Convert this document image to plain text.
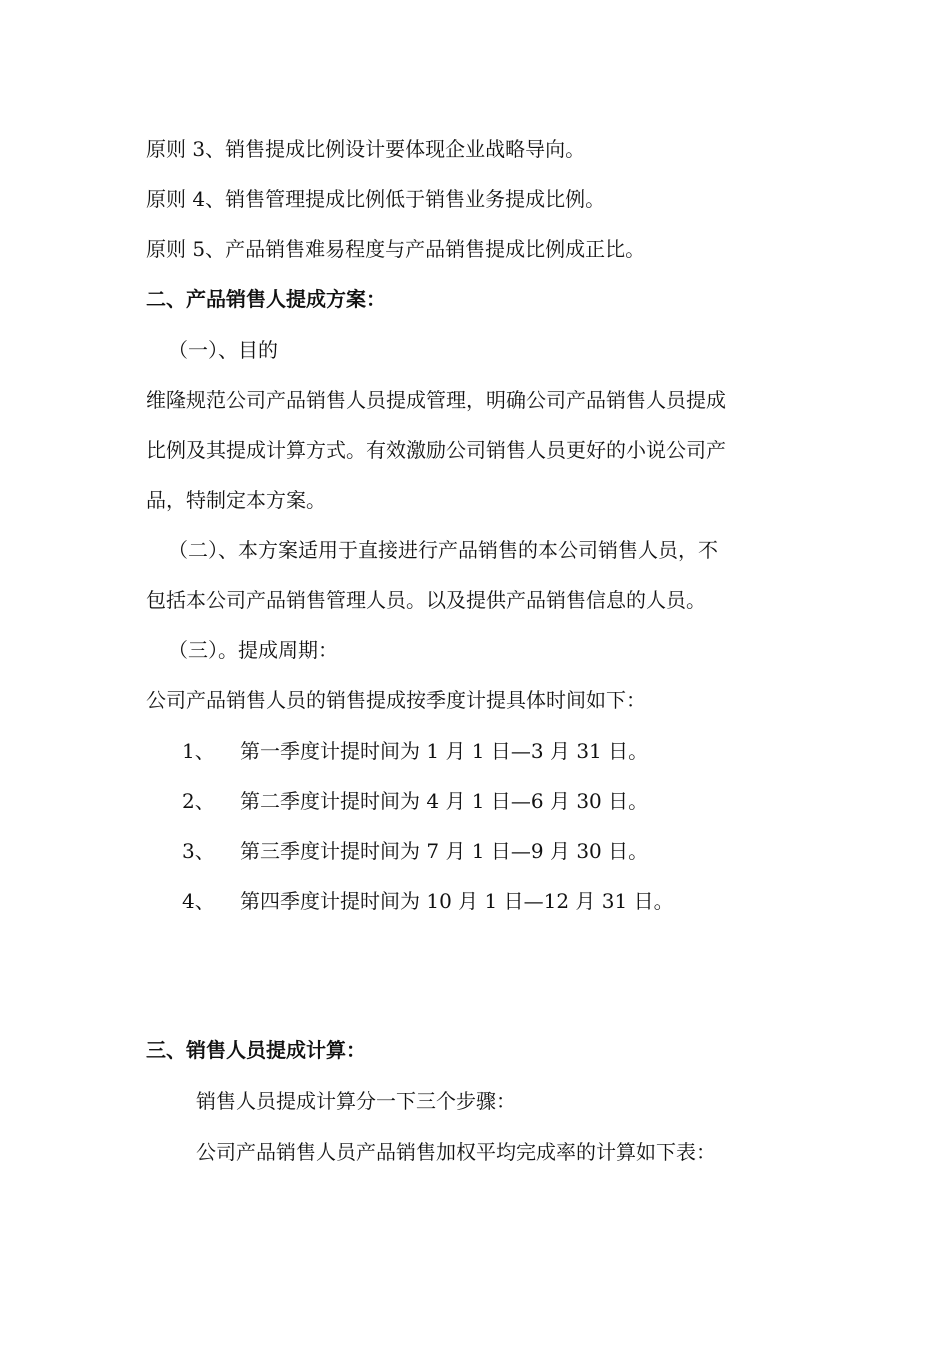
原则 3、销售提成比例设计要体现企业战略导向。
原则 4、销售管理提成比例低于销售业务提成比例。
原则 5、产品销售难易程度与产品销售提成比例成正比。
二、产品销售人提成方案：
（一）、目的
维隆规范公司产品销售人员提成管理，明确公司产品销售人员提成
比例及其提成计算方式。有效激励公司销售人员更好的小说公司产
品，特制定本方案。
（二）、本方案适用于直接进行产品销售的本公司销售人员，不
包括本公司产品销售管理人员。以及提供产品销售信息的人员。
（三）。提成周期：
公司产品销售人员的销售提成按季度计提具体时间如下：
1、 第一季度计提时间为 1 月 1 日—3 月 31 日。
2、 第二季度计提时间为 4 月 1 日—6 月 30 日。
3、 第三季度计提时间为 7 月 1 日—9 月 30 日。
4、 第四季度计提时间为 10 月 1 日—12 月 31 日。
三、销售人员提成计算：
销售人员提成计算分一下三个步骤：
公司产品销售人员产品销售加权平均完成率的计算如下表：
